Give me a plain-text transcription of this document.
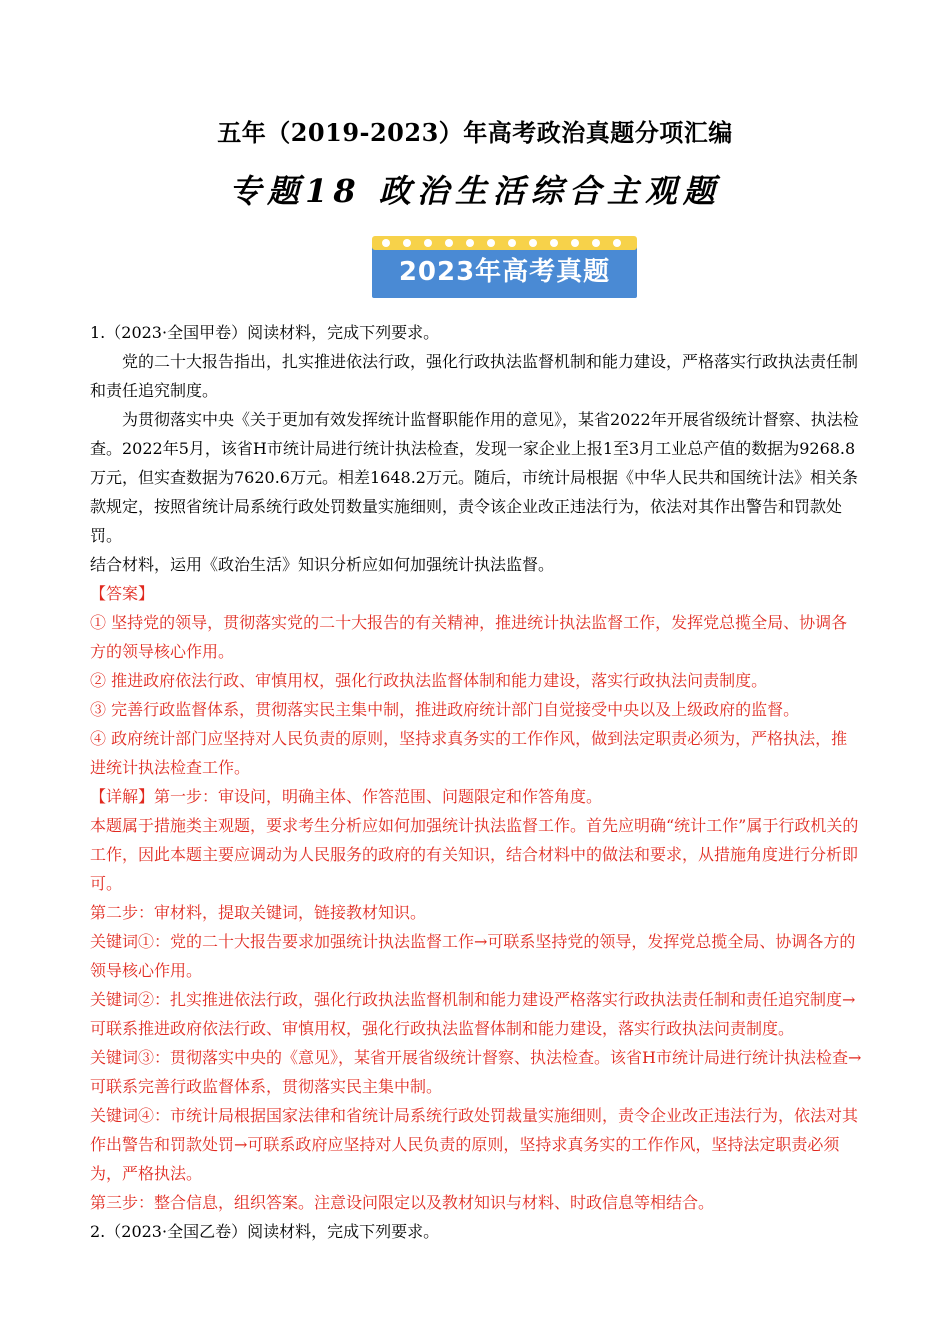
五年（2019-2023）年高考政治真题分项汇编
专题18 政治生活综合主观题
2023年高考真题

1.（2023·全国甲卷）阅读材料，完成下列要求。

党的二十大报告指出，扎实推进依法行政，强化行政执法监督机制和能力建设，严格落实行政执法责任制和责任追究制度。

为贯彻落实中央《关于更加有效发挥统计监督职能作用的意见》，某省2022年开展省级统计督察、执法检查。2022年5月，该省H市统计局进行统计执法检查，发现一家企业上报1至3月工业总产值的数据为9268.8万元，但实查数据为7620.6万元。相差1648.2万元。随后，市统计局根据《中华人民共和国统计法》相关条款规定，按照省统计局系统行政处罚数量实施细则，责令该企业改正违法行为，依法对其作出警告和罚款处罚。

结合材料，运用《政治生活》知识分析应如何加强统计执法监督。

【答案】

① 坚持党的领导，贯彻落实党的二十大报告的有关精神，推进统计执法监督工作，发挥党总揽全局、协调各方的领导核心作用。

② 推进政府依法行政、审慎用权，强化行政执法监督体制和能力建设，落实行政执法问责制度。

③ 完善行政监督体系，贯彻落实民主集中制，推进政府统计部门自觉接受中央以及上级政府的监督。

④ 政府统计部门应坚持对人民负责的原则，坚持求真务实的工作作风，做到法定职责必须为，严格执法，推进统计执法检查工作。

【详解】第一步：审设问，明确主体、作答范围、问题限定和作答角度。

本题属于措施类主观题，要求考生分析应如何加强统计执法监督工作。首先应明确“统计工作”属于行政机关的工作，因此本题主要应调动为人民服务的政府的有关知识，结合材料中的做法和要求，从措施角度进行分析即可。

第二步：审材料，提取关键词，链接教材知识。

关键词①：党的二十大报告要求加强统计执法监督工作→可联系坚持党的领导，发挥党总揽全局、协调各方的领导核心作用。

关键词②：扎实推进依法行政，强化行政执法监督机制和能力建设严格落实行政执法责任制和责任追究制度→可联系推进政府依法行政、审慎用权，强化行政执法监督体制和能力建设，落实行政执法问责制度。

关键词③：贯彻落实中央的《意见》，某省开展省级统计督察、执法检查。该省H市统计局进行统计执法检查→可联系完善行政监督体系，贯彻落实民主集中制。

关键词④：市统计局根据国家法律和省统计局系统行政处罚裁量实施细则，责令企业改正违法行为，依法对其作出警告和罚款处罚→可联系政府应坚持对人民负责的原则，坚持求真务实的工作作风，坚持法定职责必须为，严格执法。

第三步：整合信息，组织答案。注意设问限定以及教材知识与材料、时政信息等相结合。

2.（2023·全国乙卷）阅读材料，完成下列要求。
